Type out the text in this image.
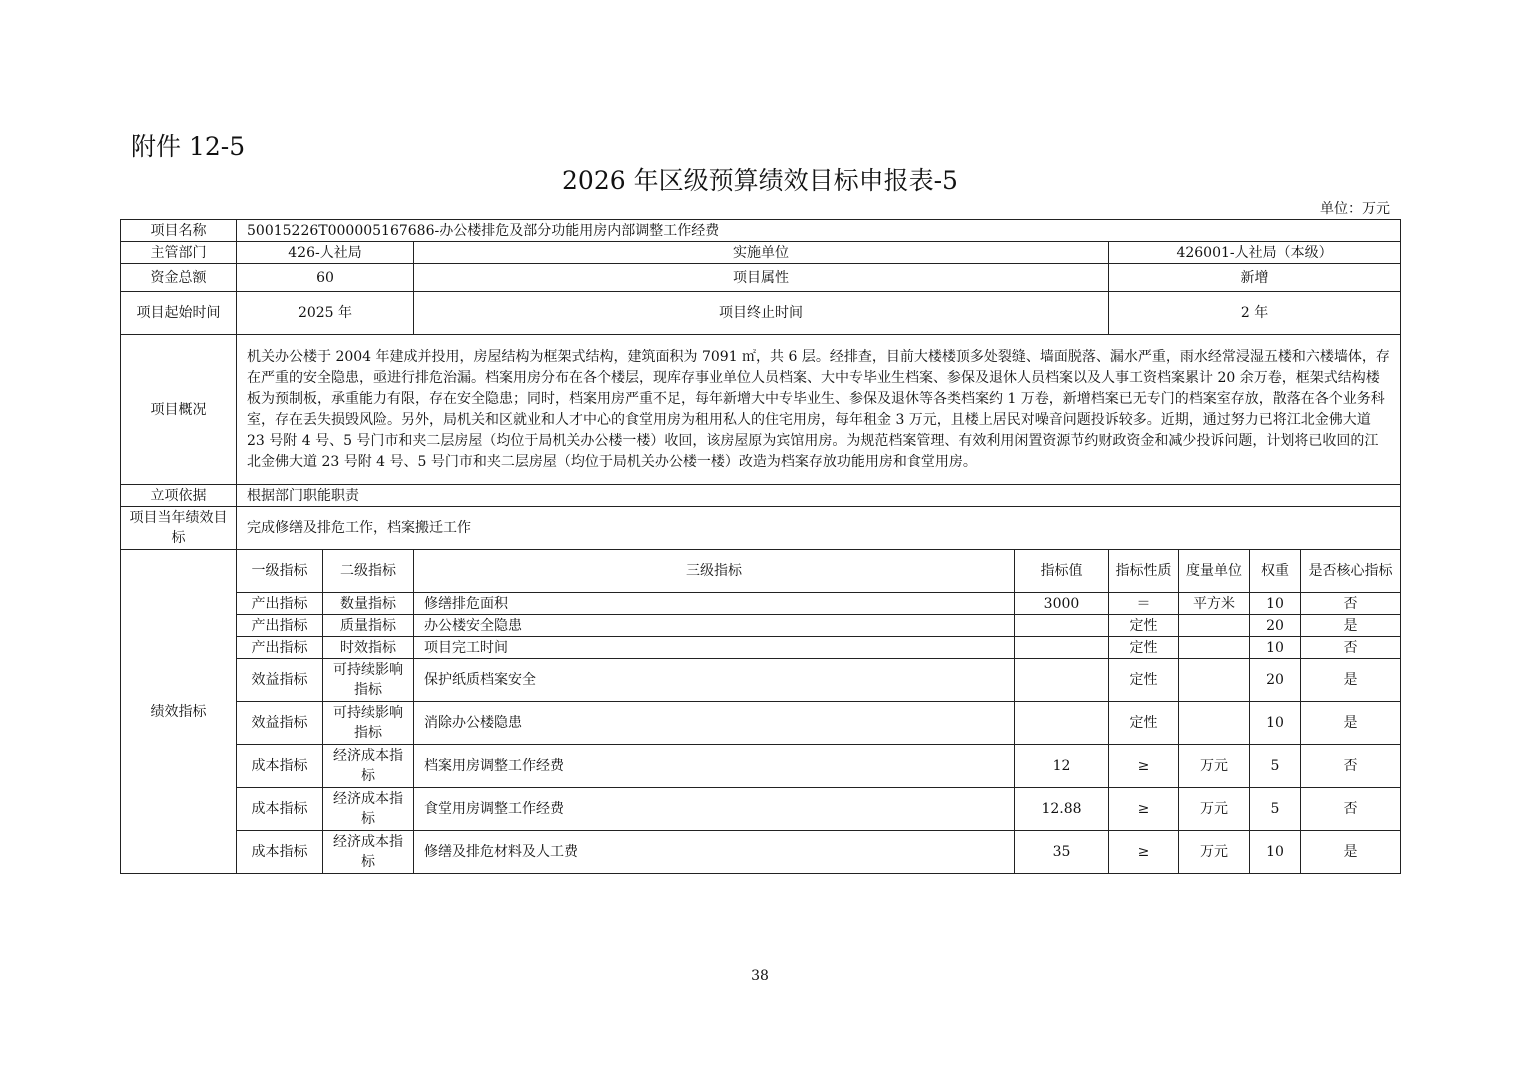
附件 12-5
2026 年区级预算绩效目标申报表-5
单位：万元
项目名称	50015226T000005167686-办公楼排危及部分功能用房内部调整工作经费							
主管部门	426-人社局		实施单位		426001-人社局（本级）			
资金总额	60		项目属性		新增			
项目起始时间	2025 年		项目终止时间		2 年			
项目概况	机关办公楼于 2004 年建成并投用，房屋结构为框架式结构，建筑面积为 7091 ㎡，共 6 层。经排查，目前大楼楼顶多处裂缝、墙面脱落、漏水严重，雨水经常浸湿五楼和六楼墙体，存在严重的安全隐患，亟进行排危治漏。档案用房分布在各个楼层，现库存事业单位人员档案、大中专毕业生档案、参保及退休人员档案以及人事工资档案累计 20 余万卷，框架式结构楼板为预制板，承重能力有限，存在安全隐患；同时，档案用房严重不足，每年新增大中专毕业生、参保及退休等各类档案约 1 万卷，新增档案已无专门的档案室存放，散落在各个业务科室，存在丢失损毁风险。另外，局机关和区就业和人才中心的食堂用房为租用私人的住宅用房，每年租金 3 万元，且楼上居民对噪音问题投诉较多。近期，通过努力已将江北金佛大道 23 号附 4 号、5 号门市和夹二层房屋（均位于局机关办公楼一楼）收回，该房屋原为宾馆用房。为规范档案管理、有效利用闲置资源节约财政资金和减少投诉问题，计划将已收回的江北金佛大道 23 号附 4 号、5 号门市和夹二层房屋（均位于局机关办公楼一楼）改造为档案存放功能用房和食堂用房。							
立项依据	根据部门职能职责							
项目当年绩效目标	完成修缮及排危工作，档案搬迁工作							
绩效指标	一级指标	二级指标	三级指标	指标值	指标性质	度量单位	权重	是否核心指标
	产出指标	数量指标	修缮排危面积	3000	＝	平方米	10	否
	产出指标	质量指标	办公楼安全隐患		定性		20	是
	产出指标	时效指标	项目完工时间		定性		10	否
	效益指标	可持续影响指标	保护纸质档案安全		定性		20	是
	效益指标	可持续影响指标	消除办公楼隐患		定性		10	是
	成本指标	经济成本指标	档案用房调整工作经费	12	≥	万元	5	否
	成本指标	经济成本指标	食堂用房调整工作经费	12.88	≥	万元	5	否
	成本指标	经济成本指标	修缮及排危材料及人工费	35	≥	万元	10	是
38
